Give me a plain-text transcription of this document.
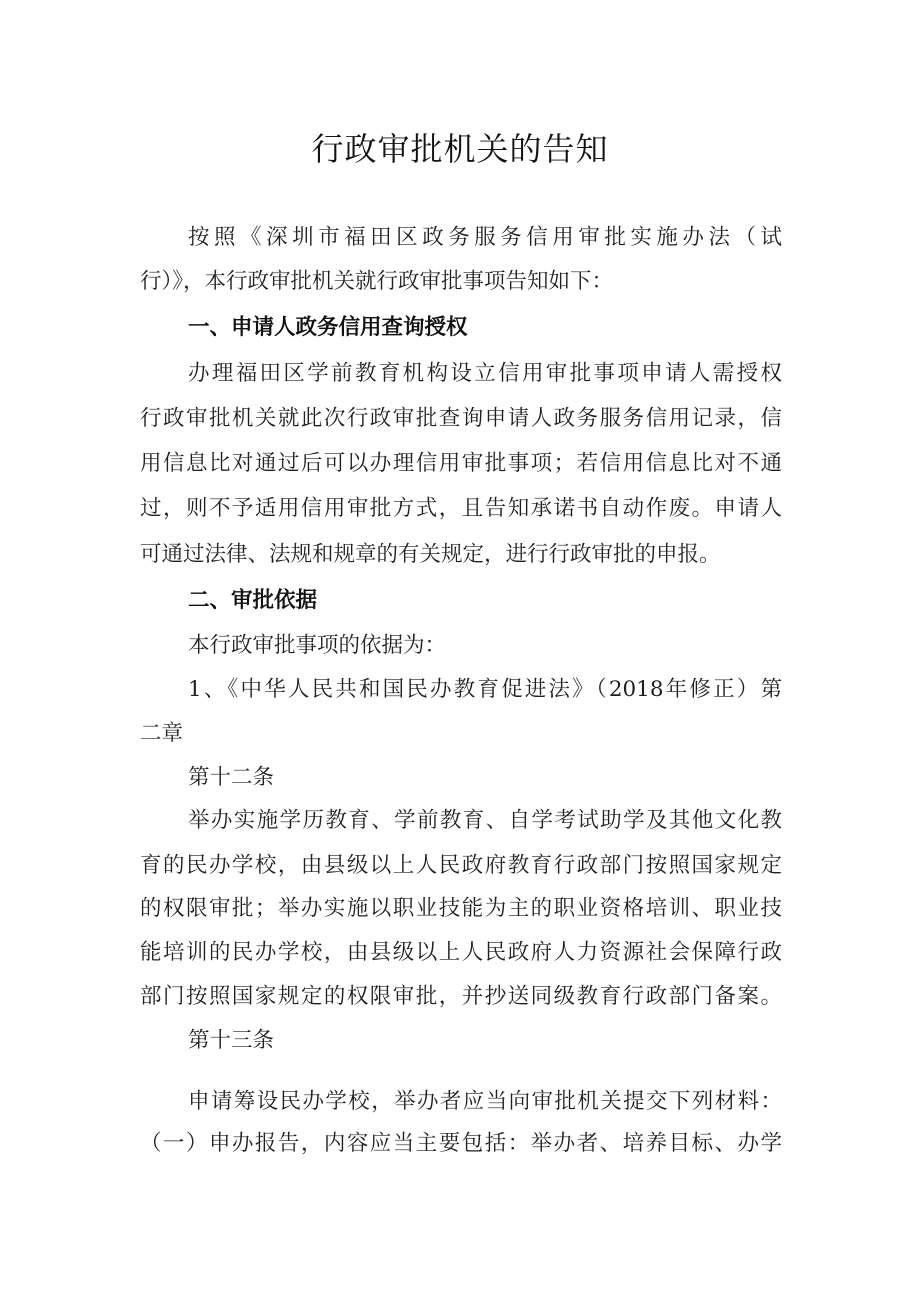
行政审批机关的告知
按照《深圳市福田区政务服务信用审批实施办法（试
行）》，本行政审批机关就行政审批事项告知如下：
一、申请人政务信用查询授权
办理福田区学前教育机构设立信用审批事项申请人需授权
行政审批机关就此次行政审批查询申请人政务服务信用记录，信
用信息比对通过后可以办理信用审批事项；若信用信息比对不通
过，则不予适用信用审批方式，且告知承诺书自动作废。申请人
可通过法律、法规和规章的有关规定，进行行政审批的申报。
二、审批依据
本行政审批事项的依据为：
1、《中华人民共和国民办教育促进法》（2018年修正）第
二章
第十二条
举办实施学历教育、学前教育、自学考试助学及其他文化教
育的民办学校，由县级以上人民政府教育行政部门按照国家规定
的权限审批；举办实施以职业技能为主的职业资格培训、职业技
能培训的民办学校，由县级以上人民政府人力资源社会保障行政
部门按照国家规定的权限审批，并抄送同级教育行政部门备案。
第十三条
申请筹设民办学校，举办者应当向审批机关提交下列材料：
（一）申办报告，内容应当主要包括：举办者、培养目标、办学
